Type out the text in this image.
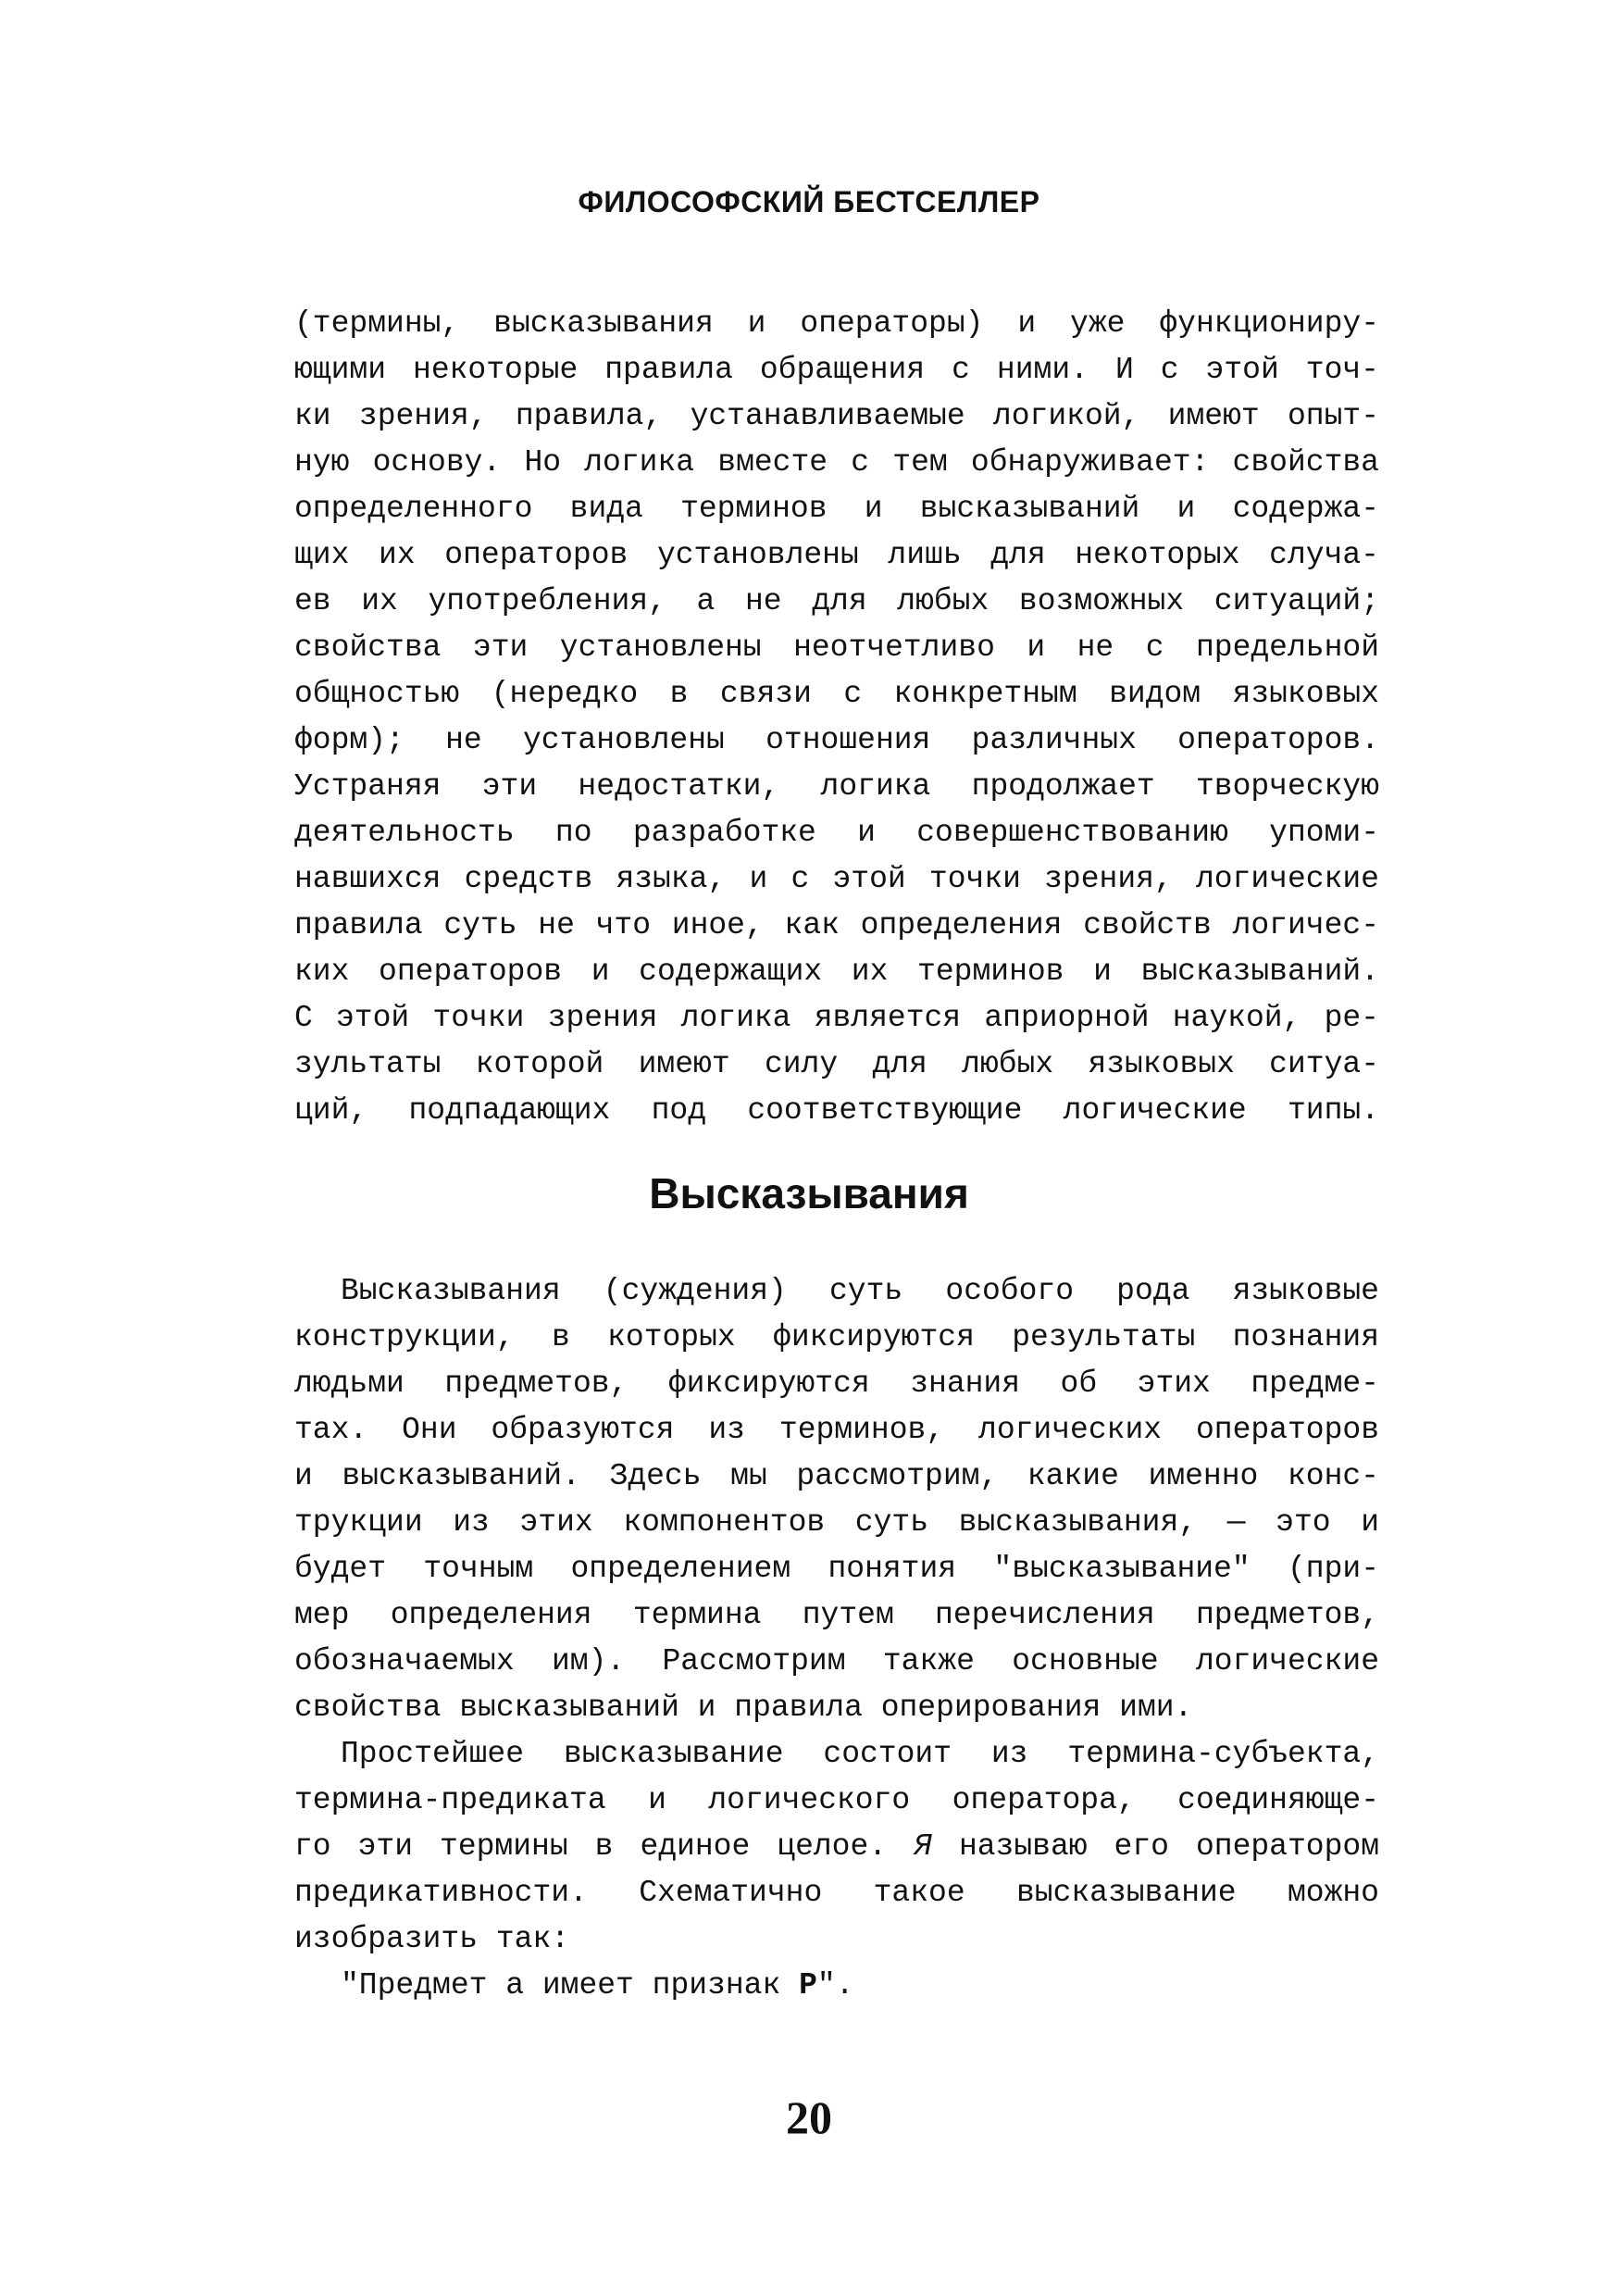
ФИЛОСОФСКИЙ БЕСТСЕЛЛЕР
(термины, высказывания и операторы) и уже функциониру-
ющими некоторые правила обращения с ними. И с этой точ-
ки зрения, правила, устанавливаемые логикой, имеют опыт-
ную основу. Но логика вместе с тем обнаруживает: свойства
определенного вида терминов и высказываний и содержа-
щих их операторов установлены лишь для некоторых случа-
ев их употребления, а не для любых возможных ситуаций;
свойства эти установлены неотчетливо и не с предельной
общностью (нередко в связи с конкретным видом языковых
форм); не установлены отношения различных операторов.
Устраняя эти недостатки, логика продолжает творческую
деятельность по разработке и совершенствованию упоми-
навшихся средств языка, и с этой точки зрения, логические
правила суть не что иное, как определения свойств логичес-
ких операторов и содержащих их терминов и высказываний.
С этой точки зрения логика является априорной наукой, ре-
зультаты которой имеют силу для любых языковых ситуа-
ций, подпадающих под соответствующие логические типы.
Высказывания
Высказывания (суждения) суть особого рода языковые
конструкции, в которых фиксируются результаты познания
людьми предметов, фиксируются знания об этих предме-
тах. Они образуются из терминов, логических операторов
и высказываний. Здесь мы рассмотрим, какие именно конс-
трукции из этих компонентов суть высказывания, — это и
будет точным определением понятия "высказывание" (при-
мер определения термина путем перечисления предметов,
обозначаемых им). Рассмотрим также основные логические
свойства высказываний и правила оперирования ими.
Простейшее высказывание состоит из термина-субъекта,
термина-предиката и логического оператора, соединяюще-
го эти термины в единое целое. Я называю его оператором
предикативности. Схематично такое высказывание можно
изобразить так:
"Предмет a имеет признак P".
20
